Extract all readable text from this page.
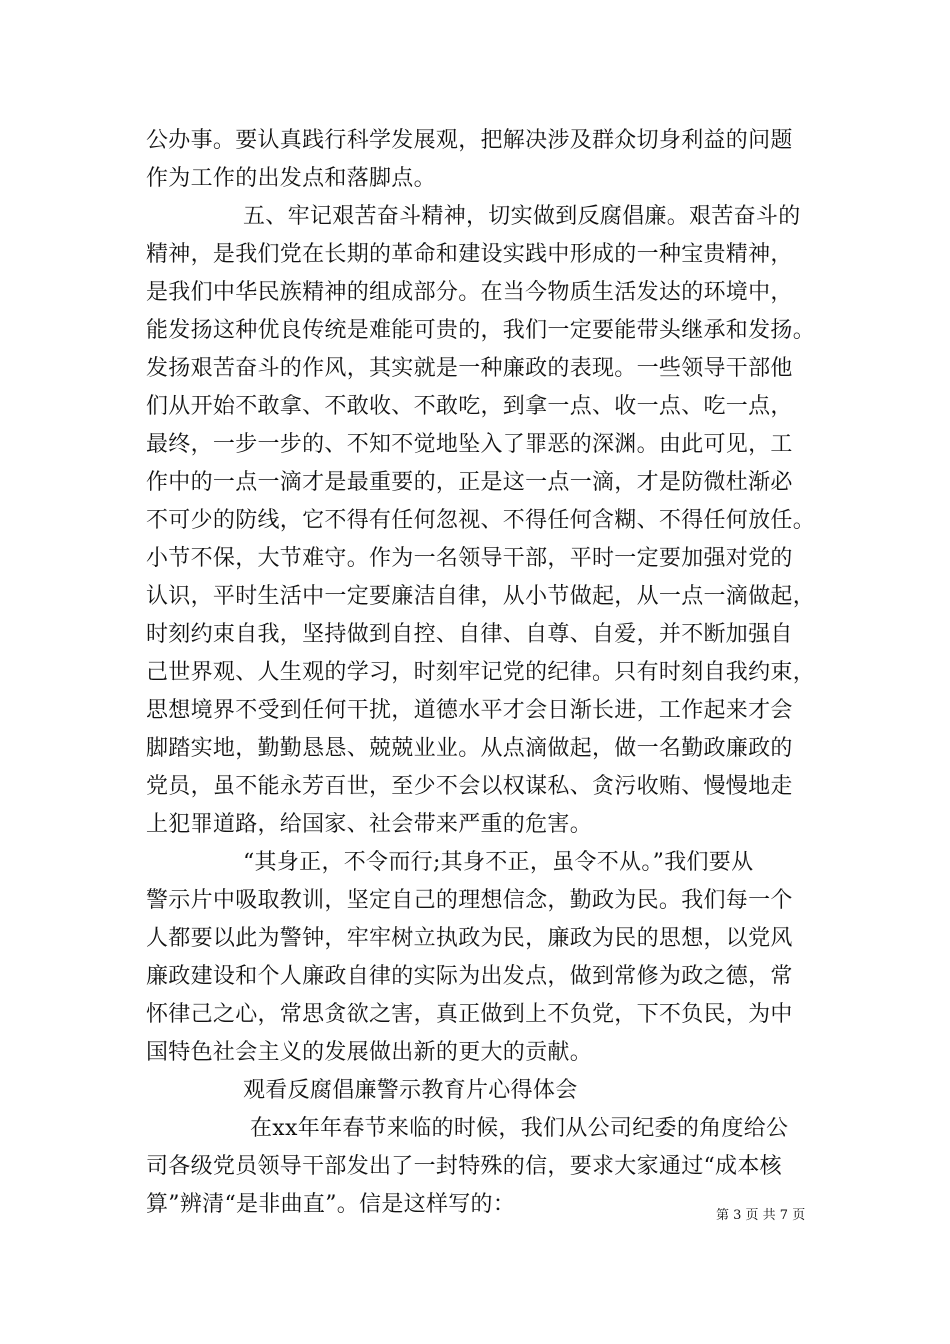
公办事。要认真践行科学发展观，把解决涉及群众切身利益的问题
作为工作的出发点和落脚点。
五、牢记艰苦奋斗精神，切实做到反腐倡廉。艰苦奋斗的
精神，是我们党在长期的革命和建设实践中形成的一种宝贵精神，
是我们中华民族精神的组成部分。在当今物质生活发达的环境中，
能发扬这种优良传统是难能可贵的，我们一定要能带头继承和发扬。
发扬艰苦奋斗的作风，其实就是一种廉政的表现。一些领导干部他
们从开始不敢拿、不敢收、不敢吃，到拿一点、收一点、吃一点，
最终，一步一步的、不知不觉地坠入了罪恶的深渊。由此可见，工
作中的一点一滴才是最重要的，正是这一点一滴，才是防微杜渐必
不可少的防线，它不得有任何忽视、不得任何含糊、不得任何放任。
小节不保，大节难守。作为一名领导干部，平时一定要加强对党的
认识，平时生活中一定要廉洁自律，从小节做起，从一点一滴做起，
时刻约束自我，坚持做到自控、自律、自尊、自爱，并不断加强自
己世界观、人生观的学习，时刻牢记党的纪律。只有时刻自我约束，
思想境界不受到任何干扰，道德水平才会日渐长进，工作起来才会
脚踏实地，勤勤恳恳、兢兢业业。从点滴做起，做一名勤政廉政的
党员，虽不能永芳百世，至少不会以权谋私、贪污收贿、慢慢地走
上犯罪道路，给国家、社会带来严重的危害。
“其身正，不令而行;其身不正，虽令不从。”我们要从
警示片中吸取教训，坚定自己的理想信念，勤政为民。我们每一个
人都要以此为警钟，牢牢树立执政为民，廉政为民的思想，以党风
廉政建设和个人廉政自律的实际为出发点，做到常修为政之德，常
怀律己之心，常思贪欲之害，真正做到上不负党，下不负民，为中
国特色社会主义的发展做出新的更大的贡献。
观看反腐倡廉警示教育片心得体会
在xx年年春节来临的时候，我们从公司纪委的角度给公
司各级党员领导干部发出了一封特殊的信，要求大家通过“成本核
算”辨清“是非曲直”。信是这样写的：	第 3 页 共 7 页
